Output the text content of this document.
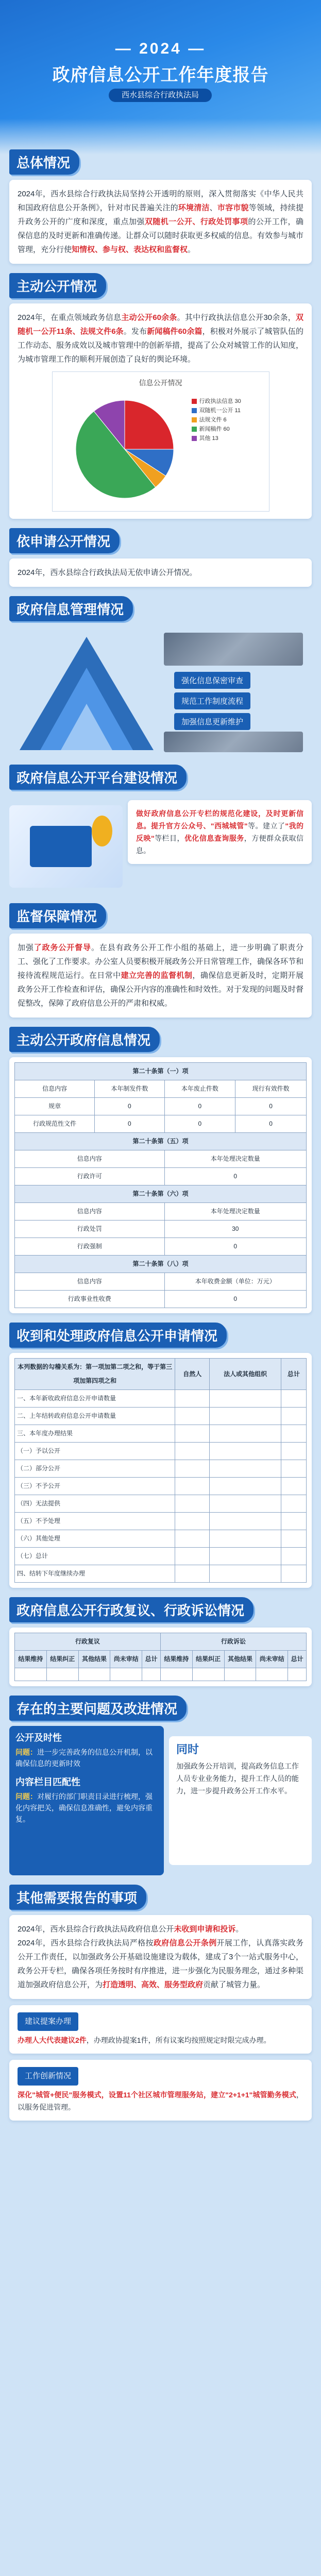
— 2024 —
政府信息公开工作年度报告
西水县综合行政执法局
总体情况
2024年，西水县综合行政执法局坚持公开透明的原则，深入贯彻落实《中华人民共和国政府信息公开条例》，针对市民普遍关注的环境清洁、市容市貌等领域，持续提升政务公开的广度和深度，重点加强双随机一公开、行政处罚事项的公开工作，确保信息的及时更新和准确传递。让群众可以随时获取更多权威的信息。有效参与城市管理，充分行使知情权、参与权、表达权和监督权。
主动公开情况
2024年，在重点领域政务信息主动公开60余条。其中行政执法信息公开30余条，双随机一公开11条、法规文件6条。发布新闻稿件60余篇，积极对外展示了城管队伍的工作动态、服务成效以及城市管理中的创新举措，提高了公众对城管工作的认知度，为城市管理工作的顺利开展创造了良好的舆论环境。
信息公开情况
行政执法信息 30
双随机一公开 11
法规文件 6
新闻稿件 60
其他 13
依申请公开情况
2024年，西水县综合行政执法局无依申请公开情况。
政府信息管理情况
强化信息保密审查
规范工作制度流程
加强信息更新维护
政府信息公开平台建设情况
做好政府信息公开专栏的规范化建设，及时更新信息。提升官方公众号、"西城城管"等。建立了"我的反映"等栏目，优化信息查询服务，方便群众获取信息。
监督保障情况
加强了政务公开督导。在县有政务公开工作小组的基础上，进一步明确了职责分工、强化了工作要求。办公室人员要积极开展政务公开日常管理工作，确保各环节和接待流程规范运行。在日常中建立完善的监督机制，确保信息更新及时，定期开展政务公开工作检查和评估，确保公开内容的准确性和时效性。对于发现的问题及时督促整改，保障了政府信息公开的严肃和权威。
主动公开政府信息情况
第二十条第（一）项			
信息内容	本年制发件数	本年废止件数	现行有效件数
规章	0	0	0
行政规范性文件	0	0	0
第二十条第（五）项			
信息内容		本年处理决定数量	
行政许可		0	
第二十条第（六）项			
信息内容		本年处理决定数量	
行政处罚		30	
行政强制		0	
第二十条第（八）项			
信息内容		本年收费金额（单位：万元）	
行政事业性收费		0	
收到和处理政府信息公开申请情况
本列数据的勾稽关系为：第一项加第二项之和，等于第三项加第四项之和	自然人	法人或其他组织	总计
一、本年新收政府信息公开申请数量			
二、上年结转政府信息公开申请数量			
三、本年度办理结果			
（一）予以公开			
（二）部分公开			
（三）不予公开			
（四）无法提供			
（五）不予处理			
（六）其他处理			
（七）总计			
四、结转下年度继续办理			
政府信息公开行政复议、行政诉讼情况
行政复议					行政诉讼				
结果维持	结果纠正	其他结果	尚未审结	总计	结果维持	结果纠正	其他结果	尚未审结	总计

存在的主要问题及改进情况
公开及时性
问题：进一步完善政务的信息公开机制，以确保信息的更新时效
内容栏目匹配性
问题：对履行的部门职责目录进行梳理，强化内容把关，确保信息准确性，避免内容重复。
同时
加强政务公开培训，提高政务信息工作人员专业业务能力，提升工作人员的能力，进一步提升政务公开工作水平。
其他需要报告的事项
2024年，西水县综合行政执法局政府信息公开未收到申请和投诉。
2024年，西水县综合行政执法局严格按政府信息公开条例开展工作，认真落实政务公开工作责任，以加强政务公开基础设施建设为载体，建成了3个一站式服务中心，政务公开专栏，确保各项任务按时有序推进，进一步强化为民服务理念，通过多种渠道加强政府信息公开，为打造透明、高效、服务型政府贡献了城管力量。
建议提案办理
办理人大代表建议2件，办理政协提案1件，所有议案均按照规定时限完成办理。
工作创新情况
深化"城管+便民"服务模式，设置11个社区城市管理服务站，建立"2+1+1"城管勤务模式，以服务促进管理。
